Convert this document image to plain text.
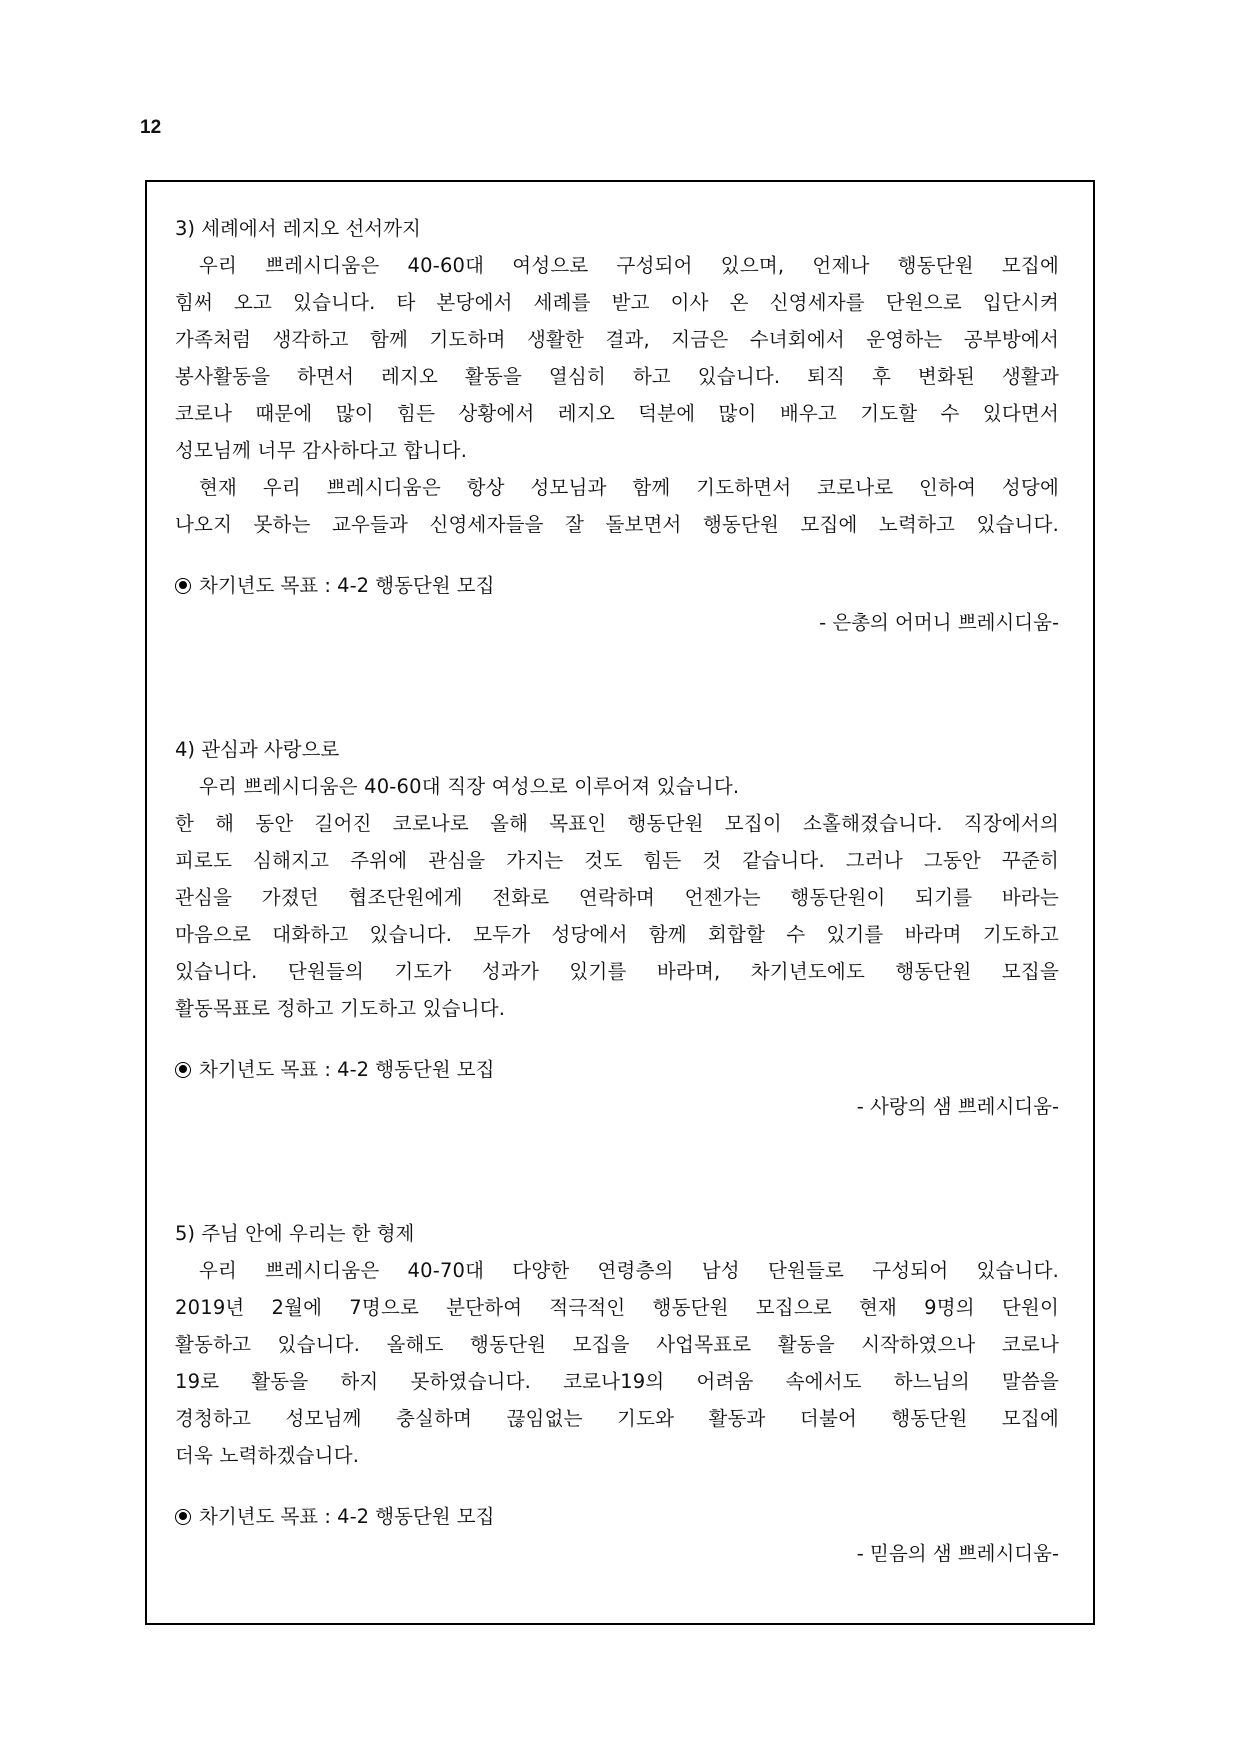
12
3) 세례에서 레지오 선서까지
우리 쁘레시디움은 40-60대 여성으로 구성되어 있으며, 언제나 행동단원 모집에
힘써 오고 있습니다. 타 본당에서 세례를 받고 이사 온 신영세자를 단원으로 입단시켜
가족처럼 생각하고 함께 기도하며 생활한 결과, 지금은 수녀회에서 운영하는 공부방에서
봉사활동을 하면서 레지오 활동을 열심히 하고 있습니다. 퇴직 후 변화된 생활과
코로나 때문에 많이 힘든 상황에서 레지오 덕분에 많이 배우고 기도할 수 있다면서
성모님께 너무 감사하다고 합니다.
현재 우리 쁘레시디움은 항상 성모님과 함께 기도하면서 코로나로 인하여 성당에
나오지 못하는 교우들과 신영세자들을 잘 돌보면서 행동단원 모집에 노력하고 있습니다.
차기년도 목표 : 4-2 행동단원 모집
- 은총의 어머니 쁘레시디움-
4) 관심과 사랑으로
우리 쁘레시디움은 40-60대 직장 여성으로 이루어져 있습니다.
한 해 동안 길어진 코로나로 올해 목표인 행동단원 모집이 소홀해졌습니다. 직장에서의
피로도 심해지고 주위에 관심을 가지는 것도 힘든 것 같습니다. 그러나 그동안 꾸준히
관심을 가졌던 협조단원에게 전화로 연락하며 언젠가는 행동단원이 되기를 바라는
마음으로 대화하고 있습니다. 모두가 성당에서 함께 회합할 수 있기를 바라며 기도하고
있습니다. 단원들의 기도가 성과가 있기를 바라며, 차기년도에도 행동단원 모집을
활동목표로 정하고 기도하고 있습니다.
차기년도 목표 : 4-2 행동단원 모집
- 사랑의 샘 쁘레시디움-
5) 주님 안에 우리는 한 형제
우리 쁘레시디움은 40-70대 다양한 연령층의 남성 단원들로 구성되어 있습니다.
2019년 2월에 7명으로 분단하여 적극적인 행동단원 모집으로 현재 9명의 단원이
활동하고 있습니다. 올해도 행동단원 모집을 사업목표로 활동을 시작하였으나 코로나
19로 활동을 하지 못하였습니다. 코로나19의 어려움 속에서도 하느님의 말씀을
경청하고 성모님께 충실하며 끊임없는 기도와 활동과 더불어 행동단원 모집에
더욱 노력하겠습니다.
차기년도 목표 : 4-2 행동단원 모집
- 믿음의 샘 쁘레시디움-
